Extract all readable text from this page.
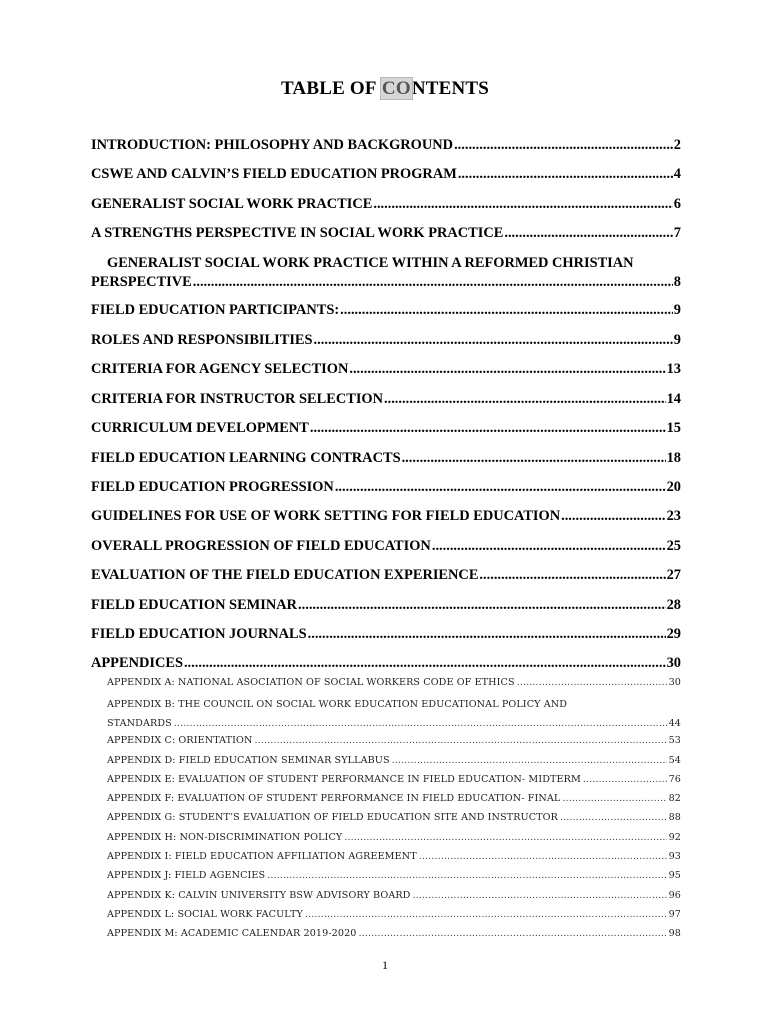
TABLE OF CONTENTS
INTRODUCTION: PHILOSOPHY AND BACKGROUND .....	2
CSWE AND CALVIN’S FIELD EDUCATION PROGRAM .....	4
GENERALIST SOCIAL WORK PRACTICE .....	6
A STRENGTHS PERSPECTIVE IN SOCIAL WORK PRACTICE .....	7
GENERALIST SOCIAL WORK PRACTICE WITHIN A REFORMED CHRISTIAN
PERSPECTIVE .....	8
FIELD EDUCATION PARTICIPANTS: .....	9
ROLES AND RESPONSIBILITIES .....	9
CRITERIA FOR AGENCY SELECTION .....	13
CRITERIA FOR INSTRUCTOR SELECTION .....	14
CURRICULUM DEVELOPMENT .....	15
FIELD EDUCATION LEARNING CONTRACTS .....	18
FIELD EDUCATION PROGRESSION .....	20
GUIDELINES FOR USE OF WORK SETTING FOR FIELD EDUCATION .....	23
OVERALL PROGRESSION OF FIELD EDUCATION .....	25
EVALUATION OF THE FIELD EDUCATION EXPERIENCE .....	27
FIELD EDUCATION SEMINAR .....	28
FIELD EDUCATION JOURNALS .....	29
APPENDICES .....	30
APPENDIX A: NATIONAL ASOCIATION OF SOCIAL WORKERS CODE OF ETHICS .....	30
APPENDIX B: THE COUNCIL ON SOCIAL WORK EDUCATION EDUCATIONAL POLICY AND
STANDARDS .....	44
APPENDIX C: ORIENTATION .....	53
APPENDIX D: FIELD EDUCATION SEMINAR SYLLABUS .....	54
APPENDIX E: EVALUATION OF STUDENT PERFORMANCE IN FIELD EDUCATION- MIDTERM .....	76
APPENDIX F: EVALUATION OF STUDENT PERFORMANCE IN FIELD EDUCATION- FINAL .....	82
APPENDIX G: STUDENT’S EVALUATION OF FIELD EDUCATION SITE AND INSTRUCTOR .....	88
APPENDIX H: NON-DISCRIMINATION POLICY .....	92
APPENDIX I: FIELD EDUCATION AFFILIATION AGREEMENT .....	93
APPENDIX J: FIELD AGENCIES .....	95
APPENDIX K: CALVIN UNIVERSITY BSW ADVISORY BOARD .....	96
APPENDIX L: SOCIAL WORK FACULTY .....	97
APPENDIX M: ACADEMIC CALENDAR 2019-2020 .....	98
1
